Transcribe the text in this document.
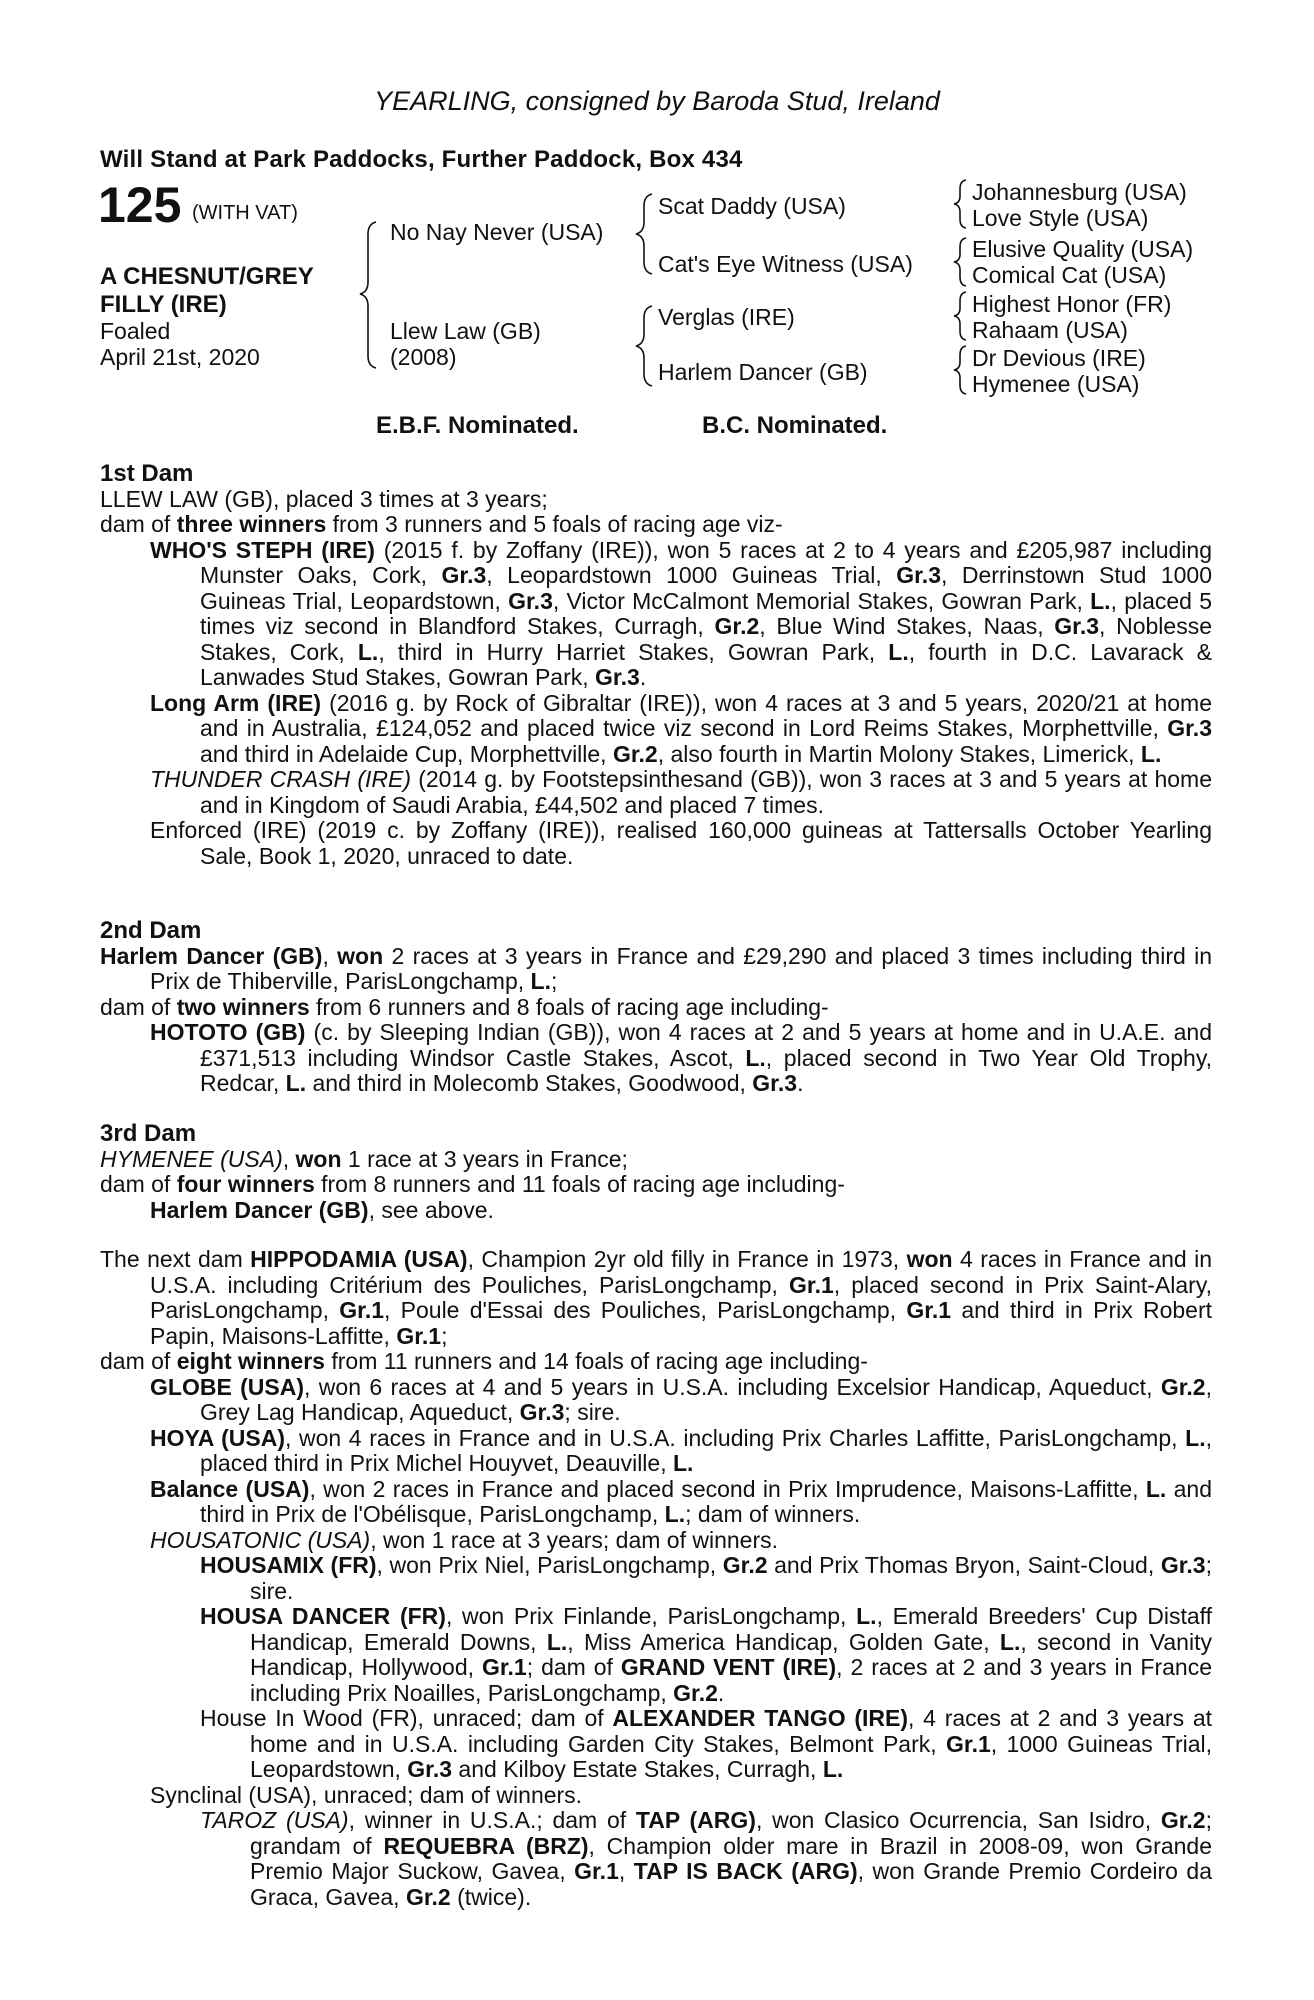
YEARLING, consigned by Baroda Stud, Ireland
Will Stand at Park Paddocks, Further Paddock, Box 434
125 (WITH VAT)
A CHESNUT/GREY
FILLY (IRE)
Foaled
April 21st, 2020
No Nay Never (USA)
Llew Law (GB)
(2008)
Scat Daddy (USA)
Cat's Eye Witness (USA)
Verglas (IRE)
Harlem Dancer (GB)
Johannesburg (USA)
Love Style (USA)
Elusive Quality (USA)
Comical Cat (USA)
Highest Honor (FR)
Rahaam (USA)
Dr Devious (IRE)
Hymenee (USA)
E.B.F. Nominated.	B.C. Nominated.

1st Dam

LLEW LAW (GB), placed 3 times at 3 years;

dam of three winners from 3 runners and 5 foals of racing age viz-

WHO'S STEPH (IRE) (2015 f. by Zoffany (IRE)), won 5 races at 2 to 4 years and £205,987 including Munster Oaks, Cork, Gr.3, Leopardstown 1000 Guineas Trial, Gr.3, Derrinstown Stud 1000 Guineas Trial, Leopardstown, Gr.3, Victor McCalmont Memorial Stakes, Gowran Park, L., placed 5 times viz second in Blandford Stakes, Curragh, Gr.2, Blue Wind Stakes, Naas, Gr.3, Noblesse Stakes, Cork, L., third in Hurry Harriet Stakes, Gowran Park, L., fourth in D.C. Lavarack & Lanwades Stud Stakes, Gowran Park, Gr.3.

Long Arm (IRE) (2016 g. by Rock of Gibraltar (IRE)), won 4 races at 3 and 5 years, 2020/21 at home and in Australia, £124,052 and placed twice viz second in Lord Reims Stakes, Morphettville, Gr.3 and third in Adelaide Cup, Morphettville, Gr.2, also fourth in Martin Molony Stakes, Limerick, L.

THUNDER CRASH (IRE) (2014 g. by Footstepsinthesand (GB)), won 3 races at 3 and 5 years at home and in Kingdom of Saudi Arabia, £44,502 and placed 7 times.

Enforced (IRE) (2019 c. by Zoffany (IRE)), realised 160,000 guineas at Tattersalls October Yearling Sale, Book 1, 2020, unraced to date.

2nd Dam

Harlem Dancer (GB), won 2 races at 3 years in France and £29,290 and placed 3 times including third in Prix de Thiberville, ParisLongchamp, L.;

dam of two winners from 6 runners and 8 foals of racing age including-

HOTOTO (GB) (c. by Sleeping Indian (GB)), won 4 races at 2 and 5 years at home and in U.A.E. and £371,513 including Windsor Castle Stakes, Ascot, L., placed second in Two Year Old Trophy, Redcar, L. and third in Molecomb Stakes, Goodwood, Gr.3.

3rd Dam

HYMENEE (USA), won 1 race at 3 years in France;

dam of four winners from 8 runners and 11 foals of racing age including-

Harlem Dancer (GB), see above.

The next dam HIPPODAMIA (USA), Champion 2yr old filly in France in 1973, won 4 races in France and in U.S.A. including Critérium des Pouliches, ParisLongchamp, Gr.1, placed second in Prix Saint-Alary, ParisLongchamp, Gr.1, Poule d'Essai des Pouliches, ParisLongchamp, Gr.1 and third in Prix Robert Papin, Maisons-Laffitte, Gr.1;

dam of eight winners from 11 runners and 14 foals of racing age including-

GLOBE (USA), won 6 races at 4 and 5 years in U.S.A. including Excelsior Handicap, Aqueduct, Gr.2, Grey Lag Handicap, Aqueduct, Gr.3; sire.

HOYA (USA), won 4 races in France and in U.S.A. including Prix Charles Laffitte, ParisLongchamp, L., placed third in Prix Michel Houyvet, Deauville, L.

Balance (USA), won 2 races in France and placed second in Prix Imprudence, Maisons-Laffitte, L. and third in Prix de l'Obélisque, ParisLongchamp, L.; dam of winners.

HOUSATONIC (USA), won 1 race at 3 years; dam of winners.

HOUSAMIX (FR), won Prix Niel, ParisLongchamp, Gr.2 and Prix Thomas Bryon, Saint-Cloud, Gr.3; sire.

HOUSA DANCER (FR), won Prix Finlande, ParisLongchamp, L., Emerald Breeders' Cup Distaff Handicap, Emerald Downs, L., Miss America Handicap, Golden Gate, L., second in Vanity Handicap, Hollywood, Gr.1; dam of GRAND VENT (IRE), 2 races at 2 and 3 years in France including Prix Noailles, ParisLongchamp, Gr.2.

House In Wood (FR), unraced; dam of ALEXANDER TANGO (IRE), 4 races at 2 and 3 years at home and in U.S.A. including Garden City Stakes, Belmont Park, Gr.1, 1000 Guineas Trial, Leopardstown, Gr.3 and Kilboy Estate Stakes, Curragh, L.

Synclinal (USA), unraced; dam of winners.

TAROZ (USA), winner in U.S.A.; dam of TAP (ARG), won Clasico Ocurrencia, San Isidro, Gr.2; grandam of REQUEBRA (BRZ), Champion older mare in Brazil in 2008-09, won Grande Premio Major Suckow, Gavea, Gr.1, TAP IS BACK (ARG), won Grande Premio Cordeiro da Graca, Gavea, Gr.2 (twice).
